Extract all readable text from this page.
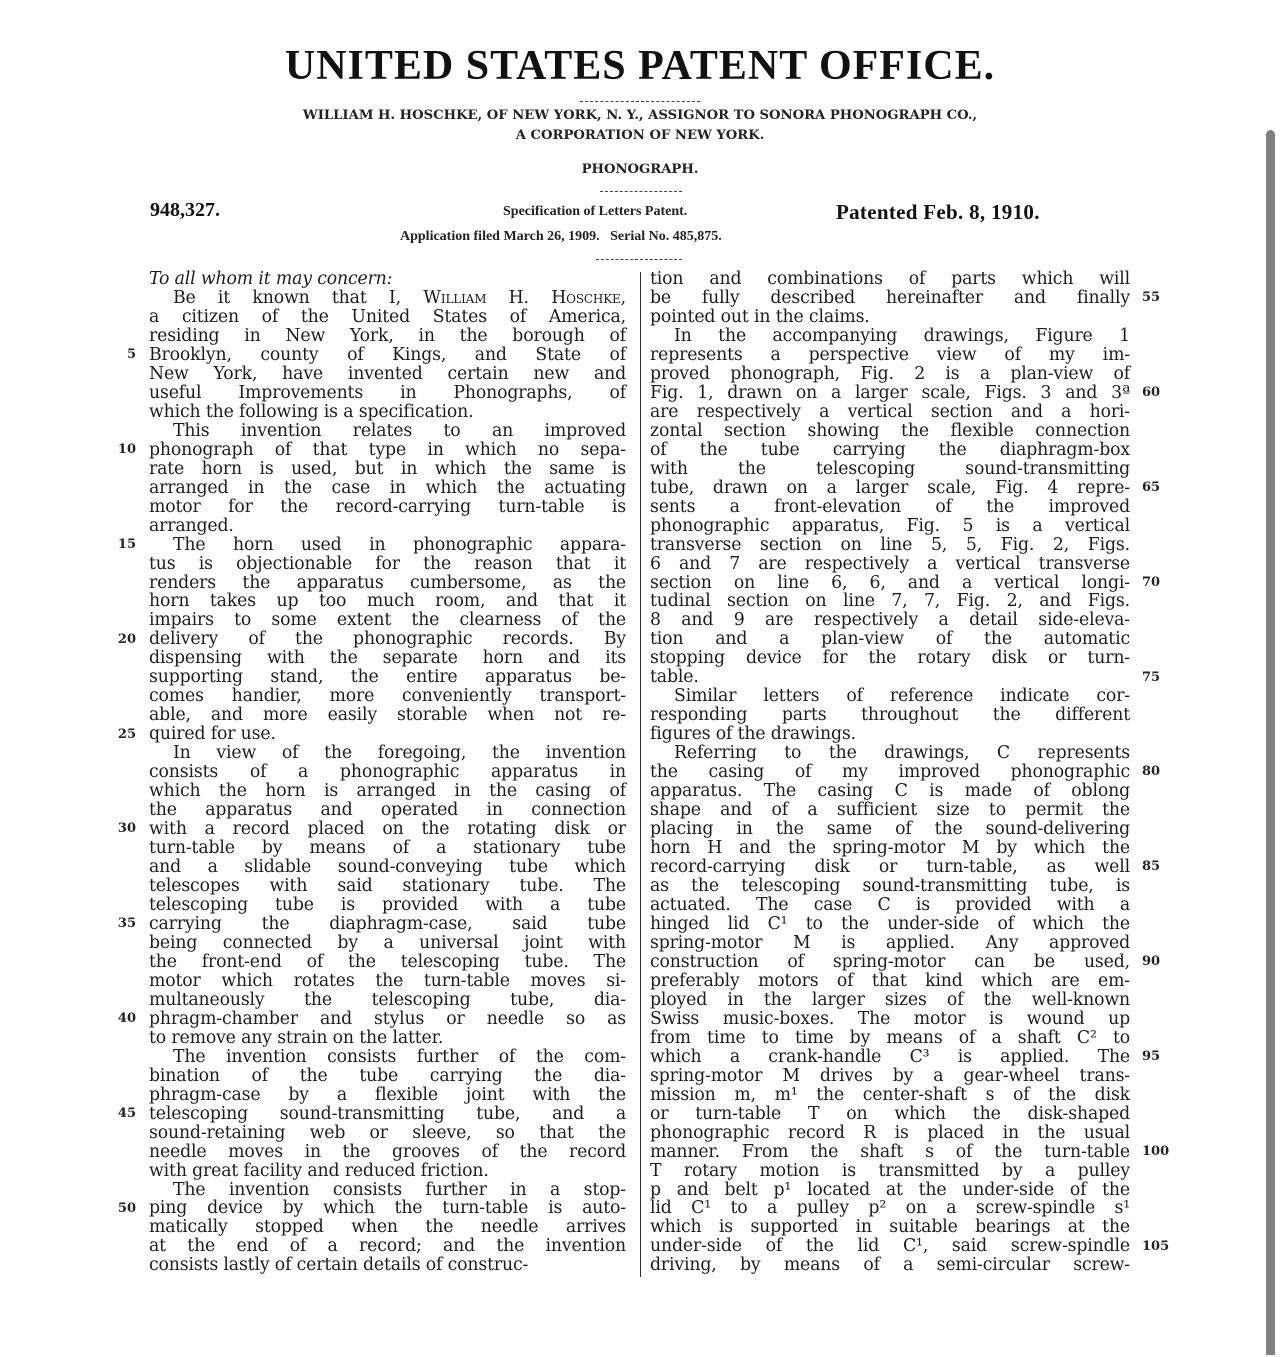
UNITED STATES PATENT OFFICE.
WILLIAM H. HOSCHKE, OF NEW YORK, N. Y., ASSIGNOR TO SONORA PHONOGRAPH CO.,
A CORPORATION OF NEW YORK.
PHONOGRAPH.
948,327.	Specification of Letters Patent.	Patented Feb. 8, 1910.
Application filed March 26, 1909.   Serial No. 485,875.
5
10
15
20
25
30
35
40
45
50
To all whom it may concern:
Be it known that I, William H. Hoschke,
a citizen of the United States of America,
residing in New York, in the borough of
Brooklyn, county of Kings, and State of
New York, have invented certain new and
useful Improvements in Phonographs, of
which the following is a specification.
This invention relates to an improved
phonograph of that type in which no sepa-
rate horn is used, but in which the same is
arranged in the case in which the actuating
motor for the record-carrying turn-table is
arranged.
The horn used in phonographic appara-
tus is objectionable for the reason that it
renders the apparatus cumbersome, as the
horn takes up too much room, and that it
impairs to some extent the clearness of the
delivery of the phonographic records. By
dispensing with the separate horn and its
supporting stand, the entire apparatus be-
comes handier, more conveniently transport-
able, and more easily storable when not re-
quired for use.
In view of the foregoing, the invention
consists of a phonographic apparatus in
which the horn is arranged in the casing of
the apparatus and operated in connection
with a record placed on the rotating disk or
turn-table by means of a stationary tube
and a slidable sound-conveying tube which
telescopes with said stationary tube. The
telescoping tube is provided with a tube
carrying the diaphragm-case, said tube
being connected by a universal joint with
the front-end of the telescoping tube. The
motor which rotates the turn-table moves si-
multaneously the telescoping tube, dia-
phragm-chamber and stylus or needle so as
to remove any strain on the latter.
The invention consists further of the com-
bination of the tube carrying the dia-
phragm-case by a flexible joint with the
telescoping sound-transmitting tube, and a
sound-retaining web or sleeve, so that the
needle moves in the grooves of the record
with great facility and reduced friction.
The invention consists further in a stop-
ping device by which the turn-table is auto-
matically stopped when the needle arrives
at the end of a record; and the invention
consists lastly of certain details of construc-
tion and combinations of parts which will
be fully described hereinafter and finally
pointed out in the claims.
In the accompanying drawings, Figure 1
represents a perspective view of my im-
proved phonograph, Fig. 2 is a plan-view of
Fig. 1, drawn on a larger scale, Figs. 3 and 3ª
are respectively a vertical section and a hori-
zontal section showing the flexible connection
of the tube carrying the diaphragm-box
with the telescoping sound-transmitting
tube, drawn on a larger scale, Fig. 4 repre-
sents a front-elevation of the improved
phonographic apparatus, Fig. 5 is a vertical
transverse section on line 5, 5, Fig. 2, Figs.
6 and 7 are respectively a vertical transverse
section on line 6, 6, and a vertical longi-
tudinal section on line 7, 7, Fig. 2, and Figs.
8 and 9 are respectively a detail side-eleva-
tion and a plan-view of the automatic
stopping device for the rotary disk or turn-
table.
Similar letters of reference indicate cor-
responding parts throughout the different
figures of the drawings.
Referring to the drawings, C represents
the casing of my improved phonographic
apparatus. The casing C is made of oblong
shape and of a sufficient size to permit the
placing in the same of the sound-delivering
horn H and the spring-motor M by which the
record-carrying disk or turn-table, as well
as the telescoping sound-transmitting tube, is
actuated. The case C is provided with a
hinged lid C¹ to the under-side of which the
spring-motor M is applied. Any approved
construction of spring-motor can be used,
preferably motors of that kind which are em-
ployed in the larger sizes of the well-known
Swiss music-boxes. The motor is wound up
from time to time by means of a shaft C² to
which a crank-handle C³ is applied. The
spring-motor M drives by a gear-wheel trans-
mission m, m¹ the center-shaft s of the disk
or turn-table T on which the disk-shaped
phonographic record R is placed in the usual
manner. From the shaft s of the turn-table
T rotary motion is transmitted by a pulley
p and belt p¹ located at the under-side of the
lid C¹ to a pulley p² on a screw-spindle s¹
which is supported in suitable bearings at the
under-side of the lid C¹, said screw-spindle
driving, by means of a semi-circular screw-
55
60
65
70
75
80
85
90
95
100
105
